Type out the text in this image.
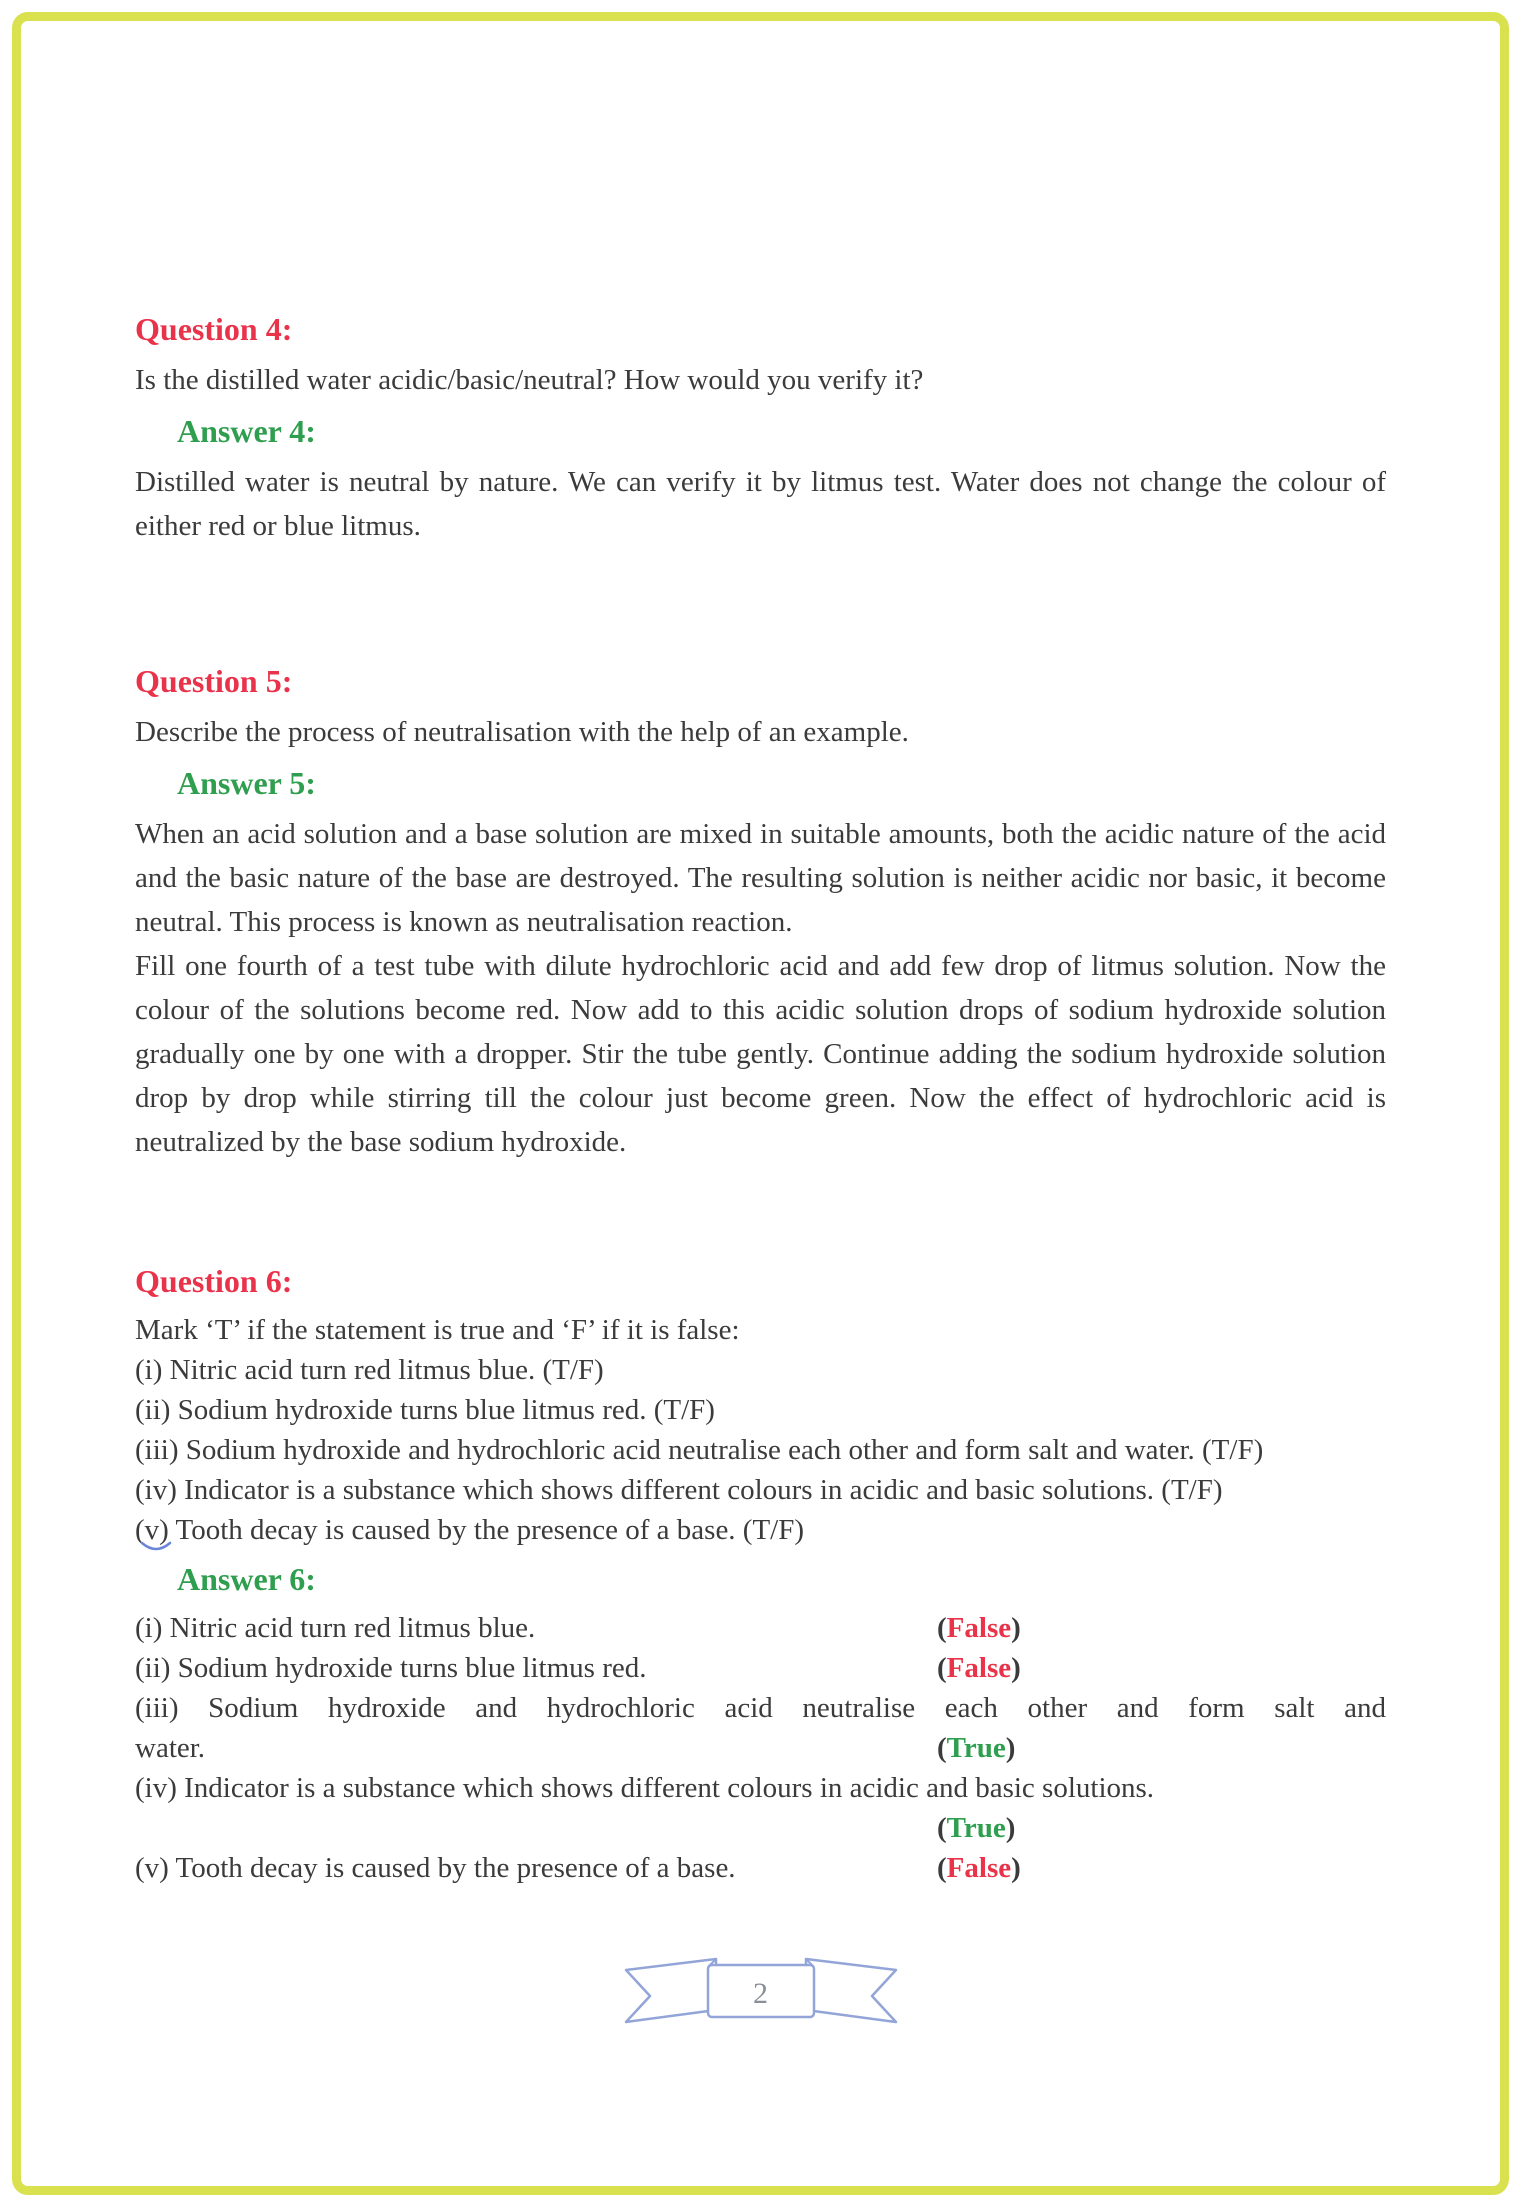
Question 4:

Is the distilled water acidic/basic/neutral? How would you verify it?

Answer 4:

Distilled water is neutral by nature. We can verify it by litmus test. Water does not change the colour of either red or blue litmus.

Question 5:

Describe the process of neutralisation with the help of an example.

Answer 5:

When an acid solution and a base solution are mixed in suitable amounts, both the acidic nature of the acid and the basic nature of the base are destroyed. The resulting solution is neither acidic nor basic, it become neutral. This process is known as neutralisation reaction.

Fill one fourth of a test tube with dilute hydrochloric acid and add few drop of litmus solution. Now the colour of the solutions become red. Now add to this acidic solution drops of sodium hydroxide solution gradually one by one with a dropper. Stir the tube gently. Continue adding the sodium hydroxide solution drop by drop while stirring till the colour just become green. Now the effect of hydrochloric acid is neutralized by the base sodium hydroxide.

Question 6:

Mark ‘T’ if the statement is true and ‘F’ if it is false:

(i) Nitric acid turn red litmus blue. (T/F)

(ii) Sodium hydroxide turns blue litmus red. (T/F)

(iii) Sodium hydroxide and hydrochloric acid neutralise each other and form salt and water. (T/F)

(iv) Indicator is a substance which shows different colours in acidic and basic solutions. (T/F)

(v) Tooth decay is caused by the presence of a base. (T/F)

Answer 6:
(i) Nitric acid turn red litmus blue.	(False)
(ii) Sodium hydroxide turns blue litmus red.	(False)
(iii) Sodium hydroxide and hydrochloric acid neutralise each other and form salt and
water.	(True)
(iv) Indicator is a substance which shows different colours in acidic and basic solutions.
(True)
(v) Tooth decay is caused by the presence of a base.	(False)
2
